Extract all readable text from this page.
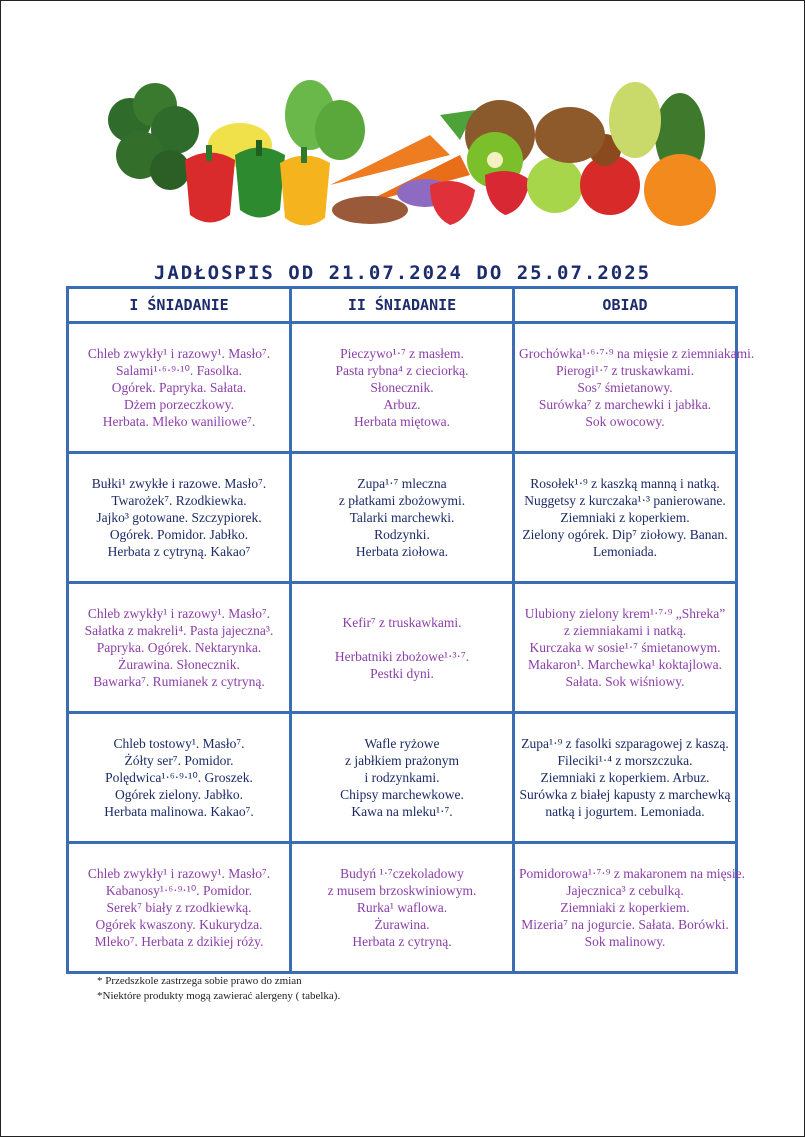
JADŁOSPIS OD 21.07.2024 DO 25.07.2025
I ŚNIADANIE	II ŚNIADANIE	OBIAD

Chleb zwykły¹ i razowy¹. Masło⁷.
Salami¹·⁶·⁹·¹⁰. Fasolka.
Ogórek. Papryka. Sałata.
Dżem porzeczkowy.
Herbata. Mleko waniliowe⁷.	Pieczywo¹·⁷ z masłem.
Pasta rybna⁴ z cieciorką.
Słonecznik.
Arbuz.
Herbata miętowa.	Grochówka¹·⁶·⁷·⁹ na mięsie z ziemniakami.
Pierogi¹·⁷ z truskawkami.
Sos⁷ śmietanowy.
Surówka⁷ z marchewki i jabłka.
Sok owocowy.

Bułki¹ zwykłe i razowe. Masło⁷.
Twarożek⁷. Rzodkiewka.
Jajko³ gotowane. Szczypiorek.
Ogórek. Pomidor. Jabłko.
Herbata z cytryną. Kakao⁷	Zupa¹·⁷ mleczna
z płatkami zbożowymi.
Talarki marchewki.
Rodzynki.
Herbata ziołowa.	Rosołek¹·⁹ z kaszką manną i natką.
Nuggetsy z kurczaka¹·³ panierowane.
Ziemniaki z koperkiem.
Zielony ogórek. Dip⁷ ziołowy. Banan.
Lemoniada.

Chleb zwykły¹ i razowy¹. Masło⁷.
Sałatka z makreli⁴. Pasta jajeczna³.
Papryka. Ogórek. Nektarynka.
Żurawina. Słonecznik.
Bawarka⁷. Rumianek z cytryną.	Kefir⁷ z truskawkami.

Herbatniki zbożowe¹·³·⁷.
Pestki dyni.	Ulubiony zielony krem¹·⁷·⁹ „Shreka”
z ziemniakami i natką.
Kurczaka w sosie¹·⁷ śmietanowym.
Makaron¹. Marchewka¹ koktajlowa.
Sałata. Sok wiśniowy.

Chleb tostowy¹. Masło⁷.
Żółty ser⁷. Pomidor.
Polędwica¹·⁶·⁹·¹⁰. Groszek.
Ogórek zielony. Jabłko.
Herbata malinowa. Kakao⁷.	Wafle ryżowe
z jabłkiem prażonym
i rodzynkami.
Chipsy marchewkowe.
Kawa na mleku¹·⁷.	Zupa¹·⁹ z fasolki szparagowej z kaszą.
Fileciki¹·⁴ z morszczuka.
Ziemniaki z koperkiem. Arbuz.
Surówka z białej kapusty z marchewką
natką i jogurtem. Lemoniada.

Chleb zwykły¹ i razowy¹. Masło⁷.
Kabanosy¹·⁶·⁹·¹⁰. Pomidor.
Serek⁷ biały z rzodkiewką.
Ogórek kwaszony. Kukurydza.
Mleko⁷. Herbata z dzikiej róży.	Budyń ¹·⁷czekoladowy
z musem brzoskwiniowym.
Rurka¹ waflowa.
Żurawina.
Herbata z cytryną.	Pomidorowa¹·⁷·⁹ z makaronem na mięsie.
Jajecznica³ z cebulką.
Ziemniaki z koperkiem.
Mizeria⁷ na jogurcie. Sałata. Borówki.
Sok malinowy.
* Przedszkole zastrzega sobie prawo do zmian
*Niektóre produkty mogą zawierać alergeny ( tabelka).
